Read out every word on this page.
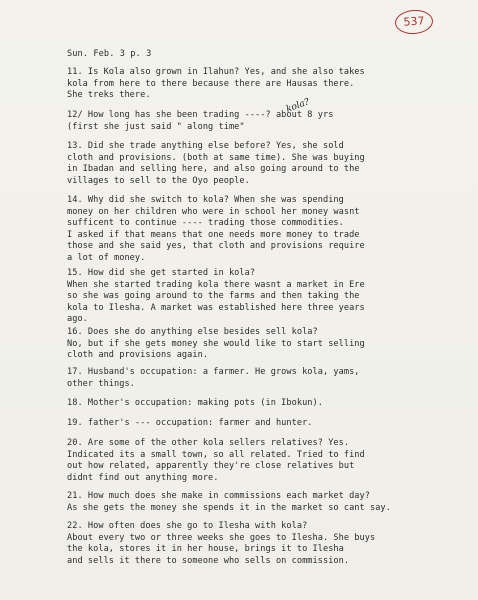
537
Sun. Feb. 3 p. 3
11. Is Kola also grown in Ilahun? Yes, and she also takes
kola from here to there because there are Hausas there.
She treks there.
12/ How long has she been trading ----? about 8 yrs
(first she just said " along time"
kola?
13. Did she trade anything else before? Yes, she sold
cloth and provisions. (both at same time). She was buying
in Ibadan and selling here, and also going around to the
villages to sell to the Oyo people.
14. Why did she switch to kola? When she was spending
money on her children who were in school her money wasnt
sufficent to continue ---- trading those commodities.
I asked if that means that one needs more money to trade
those and she said yes, that cloth and provisions require
a lot of money.
15. How did she get started in kola?
When she started trading kola there wasnt a market in Ere
so she was going around to the farms and then taking the
kola to Ilesha. A market was established here three years
ago.
16. Does she do anything else besides sell kola?
No, but if she gets money she would like to start selling
cloth and provisions again.
17. Husband's occupation: a farmer. He grows kola, yams,
other things.
18. Mother's occupation: making pots (in Ibokun).
19. father's --- occupation: farmer and hunter.
20. Are some of the other kola sellers relatives? Yes.
Indicated its a small town, so all related. Tried to find
out how related, apparently they're close relatives but
didnt find out anything more.
21. How much does she make in commissions each market day?
As she gets the money she spends it in the market so cant say.
22. How often does she go to Ilesha with kola?
About every two or three weeks she goes to Ilesha. She buys
the kola, stores it in her house, brings it to Ilesha
and sells it there to someone who sells on commission.
